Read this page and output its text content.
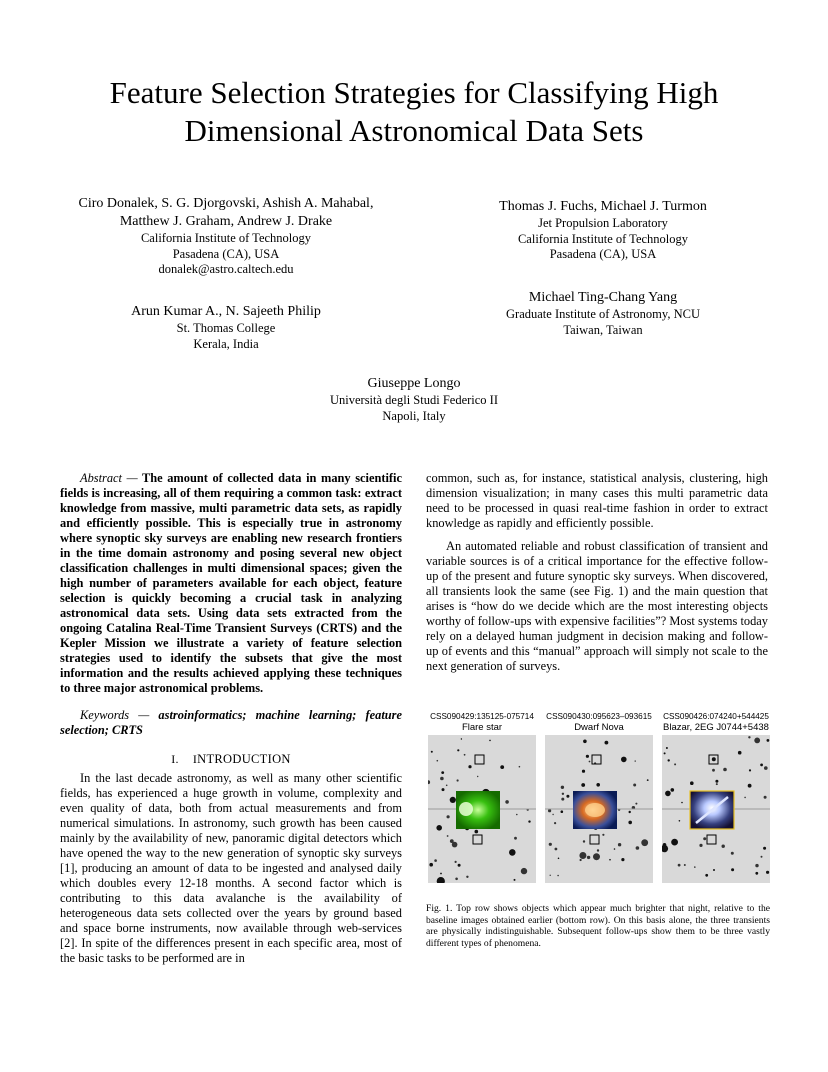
Feature Selection Strategies for Classifying High
Dimensional Astronomical Data Sets
Ciro Donalek, S. G. Djorgovski, Ashish A. Mahabal,
Matthew J. Graham, Andrew J. Drake
California Institute of Technology
Pasadena (CA), USA
donalek@astro.caltech.edu
Thomas J. Fuchs, Michael J. Turmon
Jet Propulsion Laboratory
California Institute of Technology
Pasadena (CA), USA
Arun Kumar A., N. Sajeeth Philip
St. Thomas College
Kerala, India
Michael Ting-Chang Yang
Graduate Institute of Astronomy, NCU
Taiwan, Taiwan
Giuseppe Longo
Università degli Studi Federico II
Napoli, Italy

Abstract — The amount of collected data in many scientific fields is increasing, all of them requiring a common task: extract knowledge from massive, multi parametric data sets, as rapidly and efficiently possible. This is especially true in astronomy where synoptic sky surveys are enabling new research frontiers in the time domain astronomy and posing several new object classification challenges in multi dimensional spaces; given the high number of parameters available for each object, feature selection is quickly becoming a crucial task in analyzing astronomical data sets. Using data sets extracted from the ongoing Catalina Real-Time Transient Surveys (CRTS) and the Kepler Mission we illustrate a variety of feature selection strategies used to identify the subsets that give the most information and the results achieved applying these techniques to three major astronomical problems.

Keywords — astroinformatics; machine learning; feature selection; CRTS

I. INTRODUCTION

In the last decade astronomy, as well as many other scientific fields, has experienced a huge growth in volume, complexity and even quality of data, both from actual measurements and from numerical simulations. In astronomy, such growth has been caused mainly by the availability of new, panoramic digital detectors which have opened the way to the new generation of synoptic sky surveys [1], producing an amount of data to be ingested and analysed daily which doubles every 12-18 months. A second factor which is contributing to this data avalanche is the availability of heterogeneous data sets collected over the years by ground based and space borne instruments, now available through web-services [2]. In spite of the differences present in each specific area, most of the basic tasks to be performed are in

common, such as, for instance, statistical analysis, clustering, high dimension visualization; in many cases this multi parametric data need to be processed in quasi real-time fashion in order to extract knowledge as rapidly and efficiently possible.

An automated reliable and robust classification of transient and variable sources is of a critical importance for the effective follow-up of the present and future synoptic sky surveys. When discovered, all transients look the same (see Fig. 1) and the main question that arises is “how do we decide which are the most interesting objects worthy of follow-ups with expensive facilities”? Most systems today rely on a delayed human judgment in decision making and follow-up of events and this “manual” approach will simply not scale to the next generation of surveys.

CSS090429:135125-075714
Flare star
CSS090430:095623–093615
Dwarf Nova
CSS090426:074240+544425
Blazar, 2EG J0744+5438
Fig. 1. Top row shows objects which appear much brighter that night, relative to the baseline images obtained earlier (bottom row). On this basis alone, the three transients are physically indistinguishable. Subsequent follow-ups show them to be three vastly different types of phenomena.
